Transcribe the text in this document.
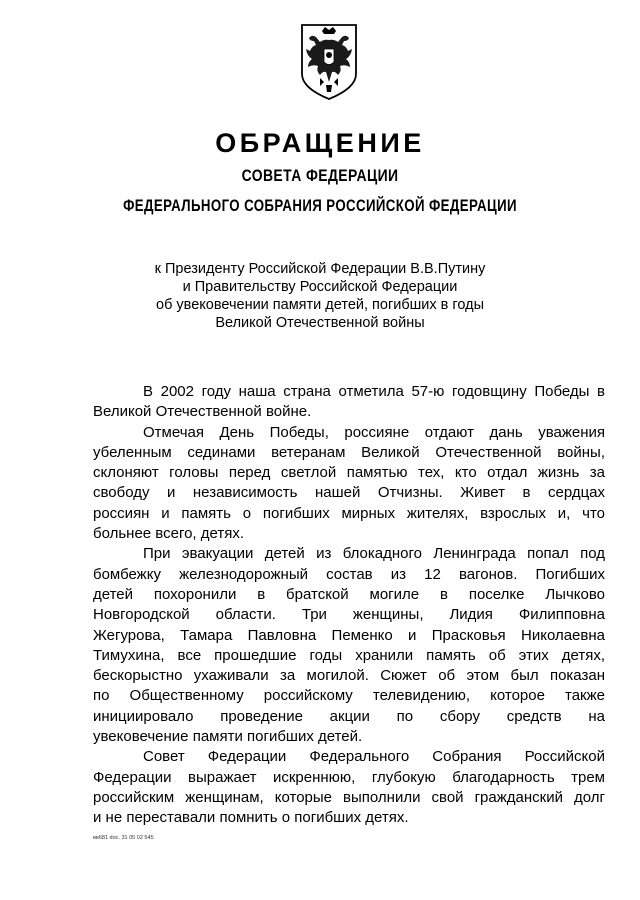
ОБРАЩЕНИЕ
СОВЕТА ФЕДЕРАЦИИ
ФЕДЕРАЛЬНОГО СОБРАНИЯ РОССИЙСКОЙ ФЕДЕРАЦИИ
к Президенту Российской Федерации В.В.Путину
и Правительству Российской Федерации
об увековечении памяти детей, погибших в годы
Великой Отечественной войны
В 2002 году наша страна отметила 57-ю годовщину Победы в
Великой Отечественной войне.
Отмечая День Победы, россияне отдают дань уважения
убеленным сединами ветеранам Великой Отечественной войны,
склоняют головы перед светлой памятью тех, кто отдал жизнь за
свободу и независимость нашей Отчизны. Живет в сердцах
россиян и память о погибших мирных жителях, взрослых и, что
больнее всего, детях.
При эвакуации детей из блокадного Ленинграда попал под
бомбежку железнодорожный состав из 12 вагонов. Погибших
детей похоронили в братской могиле в поселке Лычково
Новгородской области. Три женщины, Лидия Филипповна
Жегурова, Тамара Павловна Пеменко и Прасковья Николаевна
Тимухина, все прошедшие годы хранили память об этих детях,
бескорыстно ухаживали за могилой. Сюжет об этом был показан
по Общественному российскому телевидению, которое также
инициировало проведение акции по сбору средств на
увековечение памяти погибших детей.
Совет Федерации Федерального Собрания Российской
Федерации выражает искреннюю, глубокую благодарность трем
российским женщинам, которые выполнили свой гражданский долг
и не переставали помнить о погибших детях.
вв681 doc. 31 05 02 545
